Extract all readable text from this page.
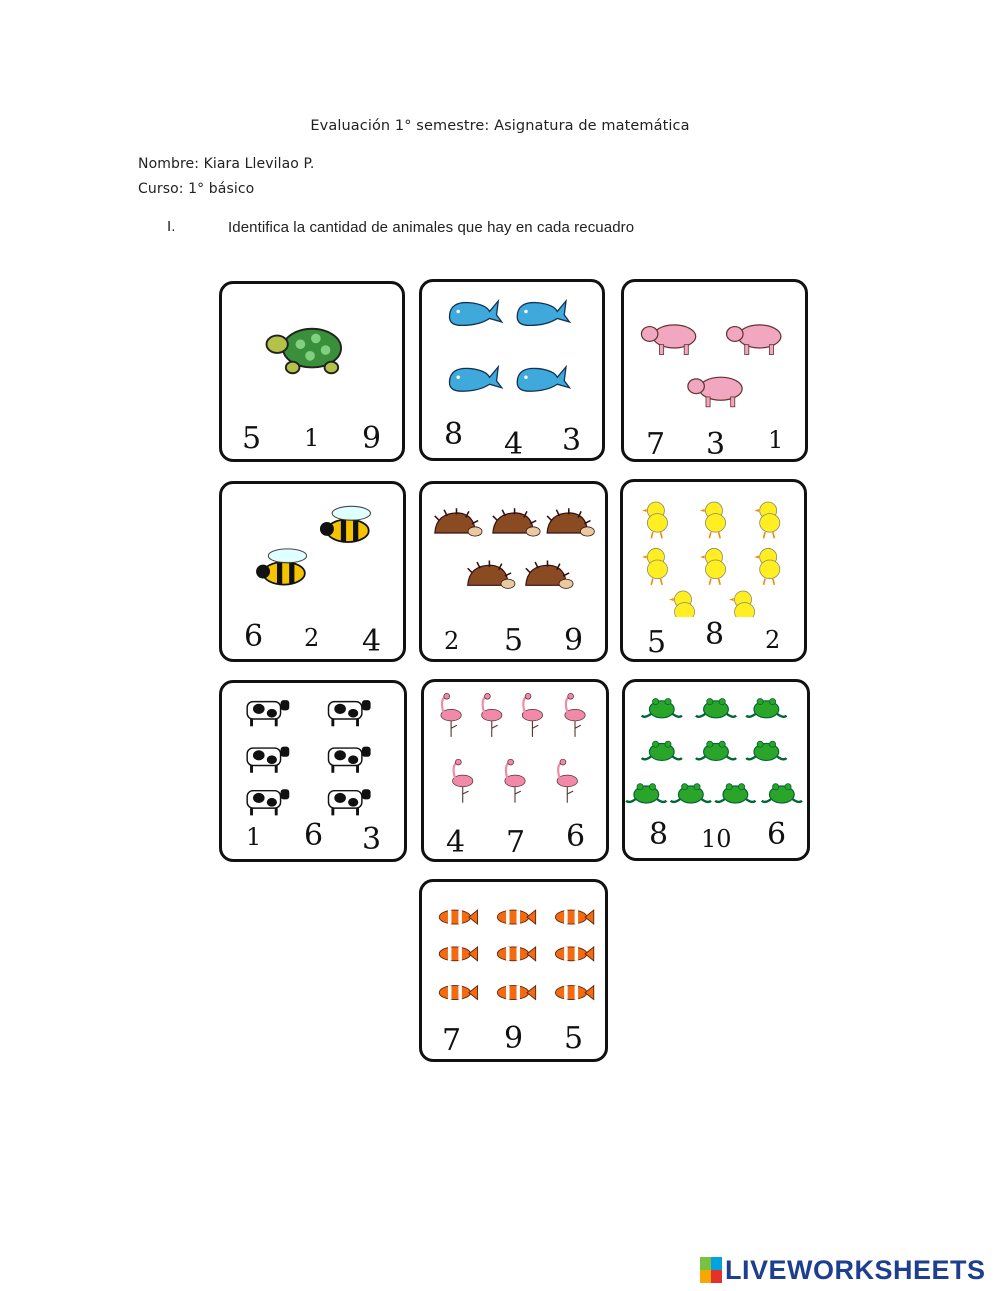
Evaluación 1° semestre: Asignatura de matemática
Nombre: Kiara Llevilao P.
Curso: 1° básico
I.	Identifica la cantidad de animales que hay en cada recuadro
5 1 9 8 4 3 7 3 1
6 2 4	2 5 9 5 8 2
1 6 3 4 7 6 8 10 6
7 9 5
LIVEWORKSHEETS
